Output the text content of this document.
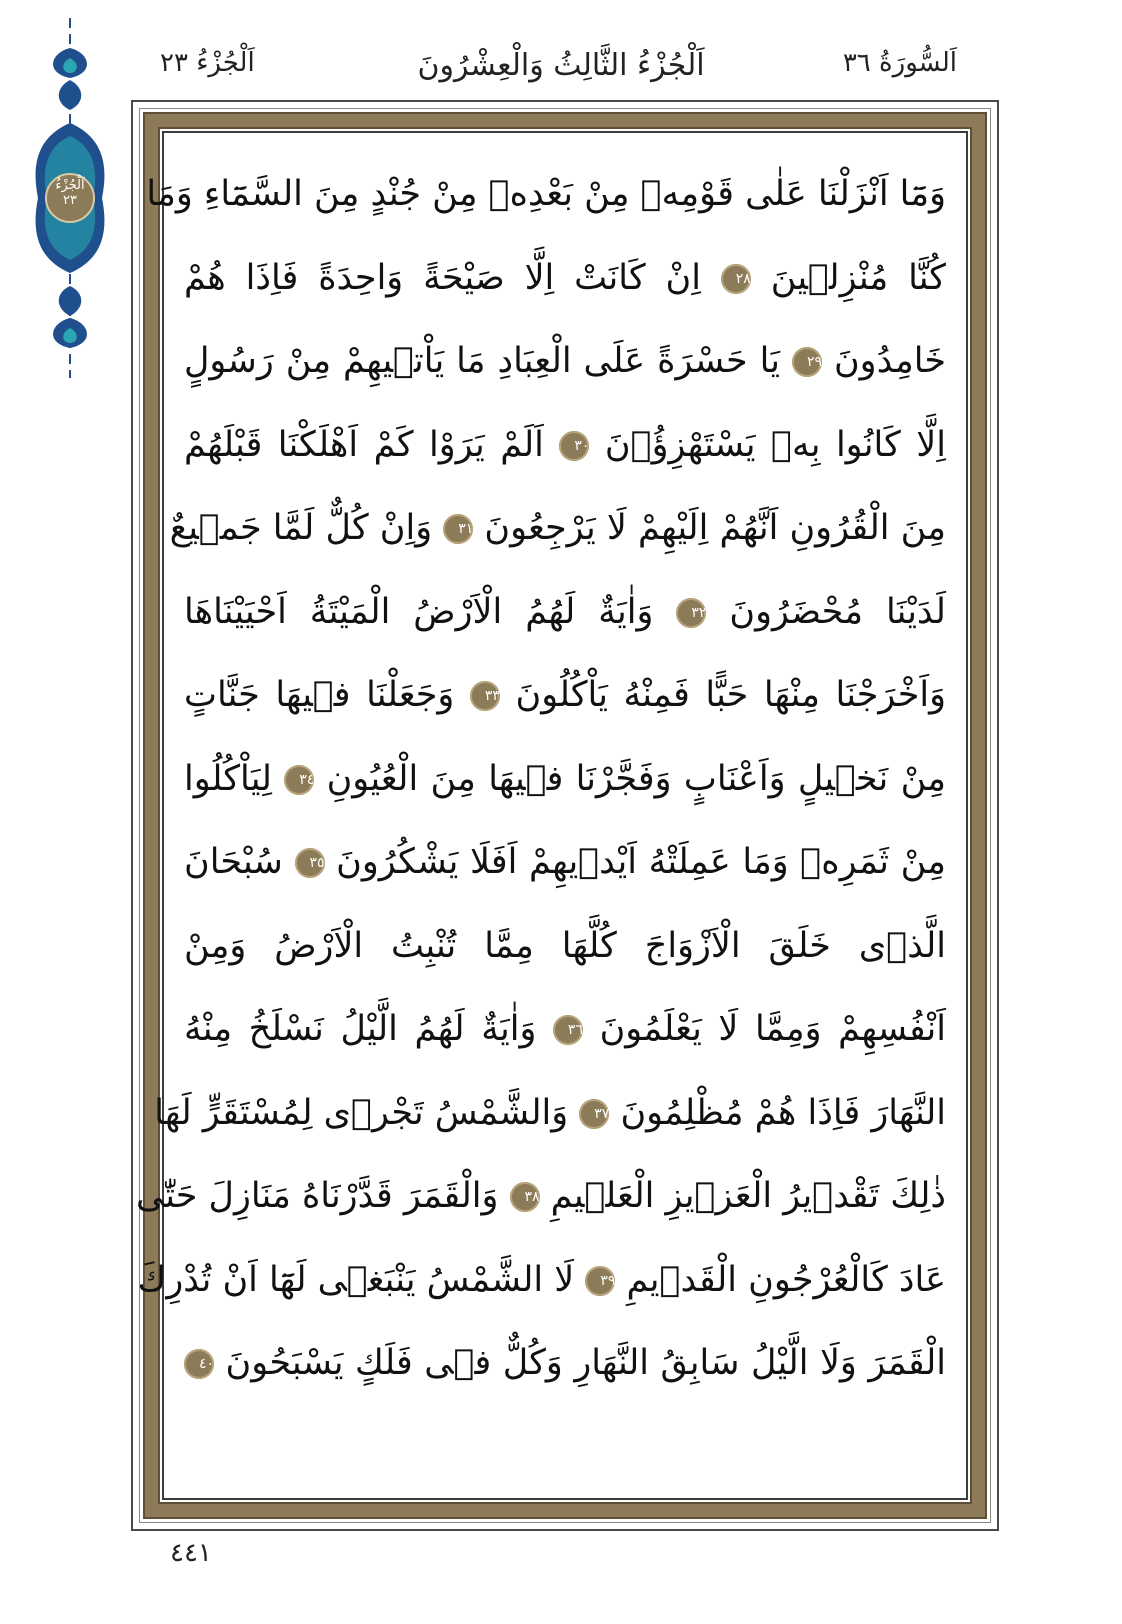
اَلْجُزْءُ
٢٣
اَلسُّورَةُ ٣٦
اَلْجُزْءُ الثَّالِثُ وَالْعِشْرُونَ
اَلْجُزْءُ ٢٣
وَمَٓا اَنْزَلْنَا عَلٰى قَوْمِه۪ مِنْ بَعْدِه۪ مِنْ جُنْدٍ مِنَ السَّمَٓاءِ وَمَا
كُنَّا مُنْزِل۪ينَ ٢٨ اِنْ كَانَتْ اِلَّا صَيْحَةً وَاحِدَةً فَاِذَا هُمْ
خَامِدُونَ ٢٩ يَا حَسْرَةً عَلَى الْعِبَادِ مَا يَاْت۪يهِمْ مِنْ رَسُولٍ
اِلَّا كَانُوا بِه۪ يَسْتَهْزِؤُ۫نَ ٣٠ اَلَمْ يَرَوْا كَمْ اَهْلَكْنَا قَبْلَهُمْ
مِنَ الْقُرُونِ اَنَّهُمْ اِلَيْهِمْ لَا يَرْجِعُونَ ٣١ وَاِنْ كُلٌّ لَمَّا جَم۪يعٌ
لَدَيْنَا مُحْضَرُونَ ٣٢ وَاٰيَةٌ لَهُمُ الْاَرْضُ الْمَيْتَةُ اَحْيَيْنَاهَا
وَاَخْرَجْنَا مِنْهَا حَبًّا فَمِنْهُ يَاْكُلُونَ ٣٣ وَجَعَلْنَا ف۪يهَا جَنَّاتٍ
مِنْ نَخ۪يلٍ وَاَعْنَابٍ وَفَجَّرْنَا ف۪يهَا مِنَ الْعُيُونِ ٣٤ لِيَاْكُلُوا
مِنْ ثَمَرِه۪ وَمَا عَمِلَتْهُ اَيْد۪يهِمْ اَفَلَا يَشْكُرُونَ ٣٥ سُبْحَانَ
الَّذ۪ى خَلَقَ الْاَزْوَاجَ كُلَّهَا مِمَّا تُنْبِتُ الْاَرْضُ وَمِنْ
اَنْفُسِهِمْ وَمِمَّا لَا يَعْلَمُونَ ٣٦ وَاٰيَةٌ لَهُمُ الَّيْلُ نَسْلَخُ مِنْهُ
النَّهَارَ فَاِذَا هُمْ مُظْلِمُونَ ٣٧ وَالشَّمْسُ تَجْر۪ى لِمُسْتَقَرٍّ لَهَا
ذٰلِكَ تَقْد۪يرُ الْعَز۪يزِ الْعَل۪يمِ ٣٨ وَالْقَمَرَ قَدَّرْنَاهُ مَنَازِلَ حَتّٰى
عَادَ كَالْعُرْجُونِ الْقَد۪يمِ ٣٩ لَا الشَّمْسُ يَنْبَغ۪ى لَهَٓا اَنْ تُدْرِكَ
الْقَمَرَ وَلَا الَّيْلُ سَابِقُ النَّهَارِ وَكُلٌّ ف۪ى فَلَكٍ يَسْبَحُونَ ٤٠
٤٤١
